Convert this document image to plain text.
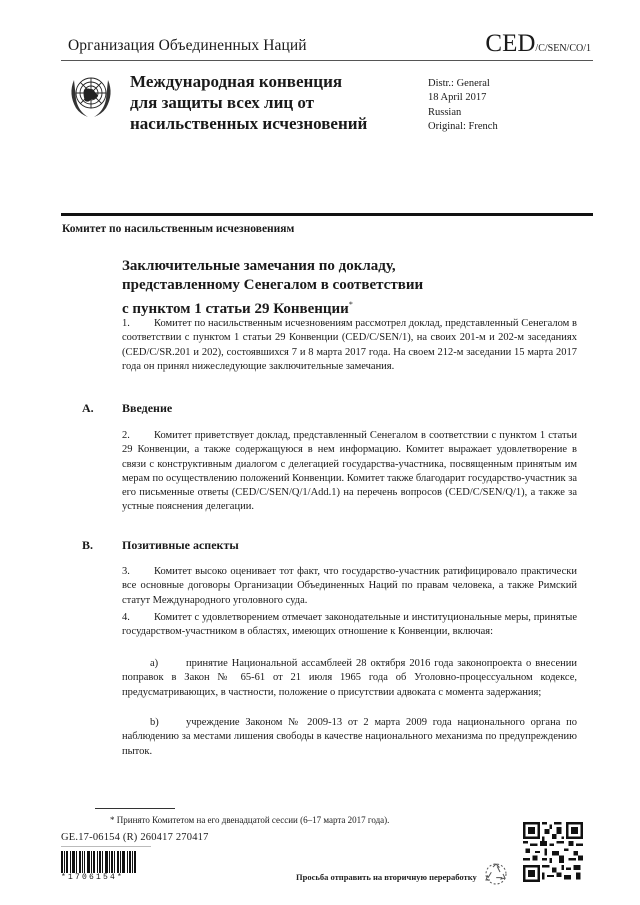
Организация Объединенных Наций	CED/C/SEN/CO/1
Международная конвенция
для защиты всех лиц от
насильственных исчезновений
Distr.: General
18 April 2017
Russian
Original: French
Комитет по насильственным исчезновениям
Заключительные замечания по докладу,
представленному Сенегалом в соответствии
с пунктом 1 статьи 29 Конвенции*
1. Комитет по насильственным исчезновениям рассмотрел доклад, представленный Сенегалом в соответствии с пунктом 1 статьи 29 Конвенции (CED/C/SEN/1), на своих 201-м и 202-м заседаниях (CED/C/SR.201 и 202), состоявшихся 7 и 8 марта 2017 года. На своем 212-м заседании 15 марта 2017 года он принял нижеследующие заключительные замечания.
A. Введение
2. Комитет приветствует доклад, представленный Сенегалом в соответствии с пунктом 1 статьи 29 Конвенции, а также содержащуюся в нем информацию. Комитет выражает удовлетворение в связи с конструктивным диалогом с делегацией государства-участника, посвященным принятым им мерам по осуществлению положений Конвенции. Комитет также благодарит государство-участник за его письменные ответы (CED/C/SEN/Q/1/Add.1) на перечень вопросов (CED/C/SEN/Q/1), а также за устные пояснения делегации.
B. Позитивные аспекты
3. Комитет высоко оценивает тот факт, что государство-участник ратифицировало практически все основные договоры Организации Объединенных Наций по правам человека, а также Римский статут Международного уголовного суда.
4. Комитет с удовлетворением отмечает законодательные и институциональные меры, принятые государством-участником в областях, имеющих отношение к Конвенции, включая:
a)	принятие Национальной ассамблеей 28 октября 2016 года законопроекта о внесении поправок в Закон № 65-61 от 21 июля 1965 года об Уголовно-процессуальном кодексе, предусматривающих, в частности, положение о присутствии адвоката с момента задержания;
b)	учреждение Законом № 2009-13 от 2 марта 2009 года национального органа по наблюдению за местами лишения свободы в качестве национального механизма по предупреждению пыток.
* Принято Комитетом на его двенадцатой сессии (6–17 марта 2017 года).
GE.17-06154 (R) 260417 270417
*1706154*	Просьба отправить на вторичную переработку
